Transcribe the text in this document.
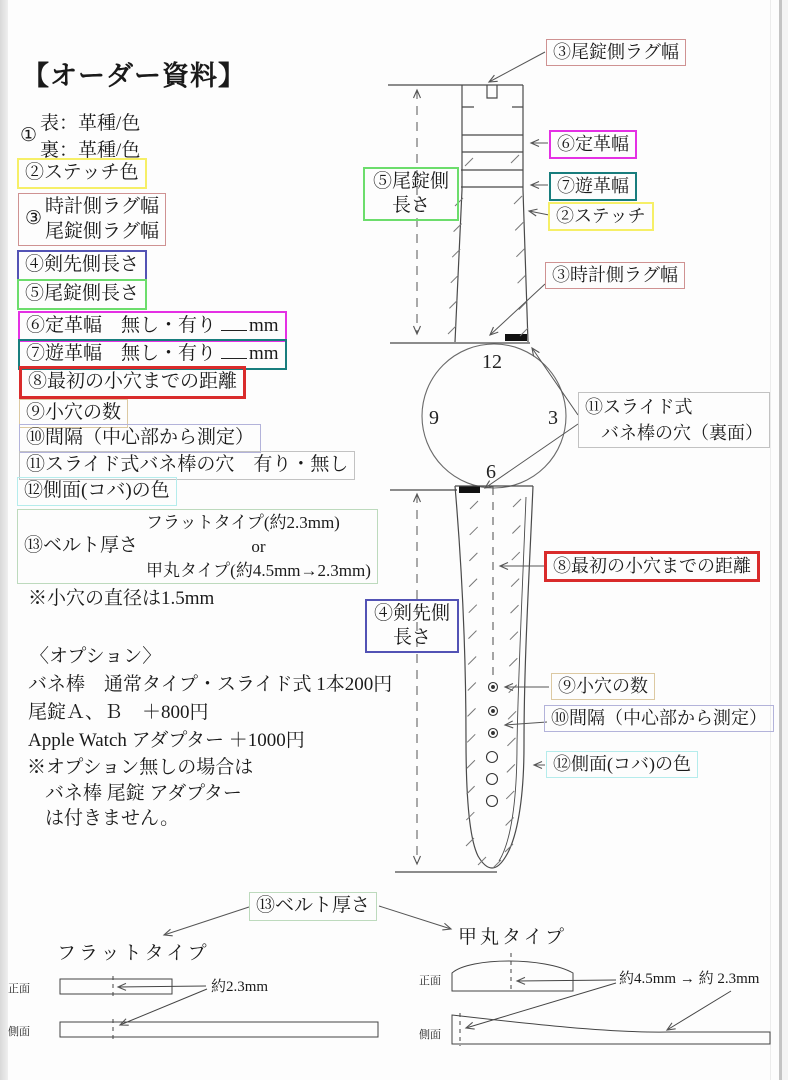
12
9	3
6
【オーダー資料】
①
表：革種/色
裏：革種/色
②ステッチ色
③
時計側ラグ幅
尾錠側ラグ幅
④剣先側長さ
⑤尾錠側長さ
⑥定革幅　無し・有り mm
⑦遊革幅　無し・有り mm
⑧最初の小穴までの距離
⑨小穴の数
⑩間隔（中心部から測定）
⑪スライド式バネ棒の穴　有り・無し
⑫側面(コバ)の色
⑬ベルト厚さ
フラットタイプ(約2.3mm)
or
甲丸タイプ(約4.5mm→2.3mm)
※小穴の直径は1.5mm
〈オプション〉
バネ棒　通常タイプ・スライド式 1本200円
尾錠Ａ、Ｂ　＋800円
Apple Watch アダプター ＋1000円
※オプション無しの場合は
バネ棒 尾錠 アダプター
は付きません。
③尾錠側ラグ幅
⑤尾錠側
長さ
⑥定革幅
⑦遊革幅
②ステッチ
③時計側ラグ幅
⑪スライド式
バネ棒の穴（裏面）
⑧最初の小穴までの距離
④剣先側
長さ
⑨小穴の数
⑩間隔（中心部から測定）
⑫側面(コバ)の色
⑬ベルト厚さ
フラットタイプ
甲丸タイプ
正面
側面
正面
側面
約2.3mm	約4.5mm → 約 2.3mm
